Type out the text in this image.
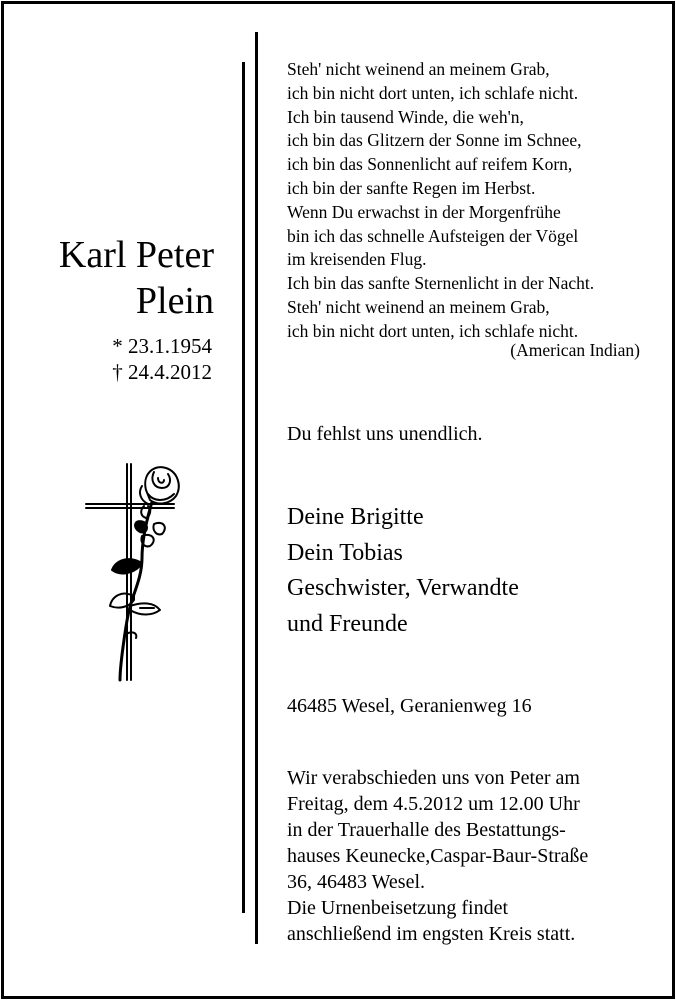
Karl Peter
Plein
* 23.1.1954
† 24.4.2012
Steh' nicht weinend an meinem Grab,
ich bin nicht dort unten, ich schlafe nicht.
Ich bin tausend Winde, die weh'n,
ich bin das Glitzern der Sonne im Schnee,
ich bin das Sonnenlicht auf reifem Korn,
ich bin der sanfte Regen im Herbst.
Wenn Du erwachst in der Morgenfrühe
bin ich das schnelle Aufsteigen der Vögel
im kreisenden Flug.
Ich bin das sanfte Sternenlicht in der Nacht.
Steh' nicht weinend an meinem Grab,
ich bin nicht dort unten, ich schlafe nicht.
(American Indian)
Du fehlst uns unendlich.
Deine Brigitte
Dein Tobias
Geschwister, Verwandte
und Freunde
46485 Wesel, Geranienweg 16
Wir verabschieden uns von Peter am
Freitag, dem 4.5.2012 um 12.00 Uhr
in der Trauerhalle des Bestattungs-
hauses Keunecke,Caspar-Baur-Straße
36, 46483 Wesel.
Die Urnenbeisetzung findet
anschließend im engsten Kreis statt.
